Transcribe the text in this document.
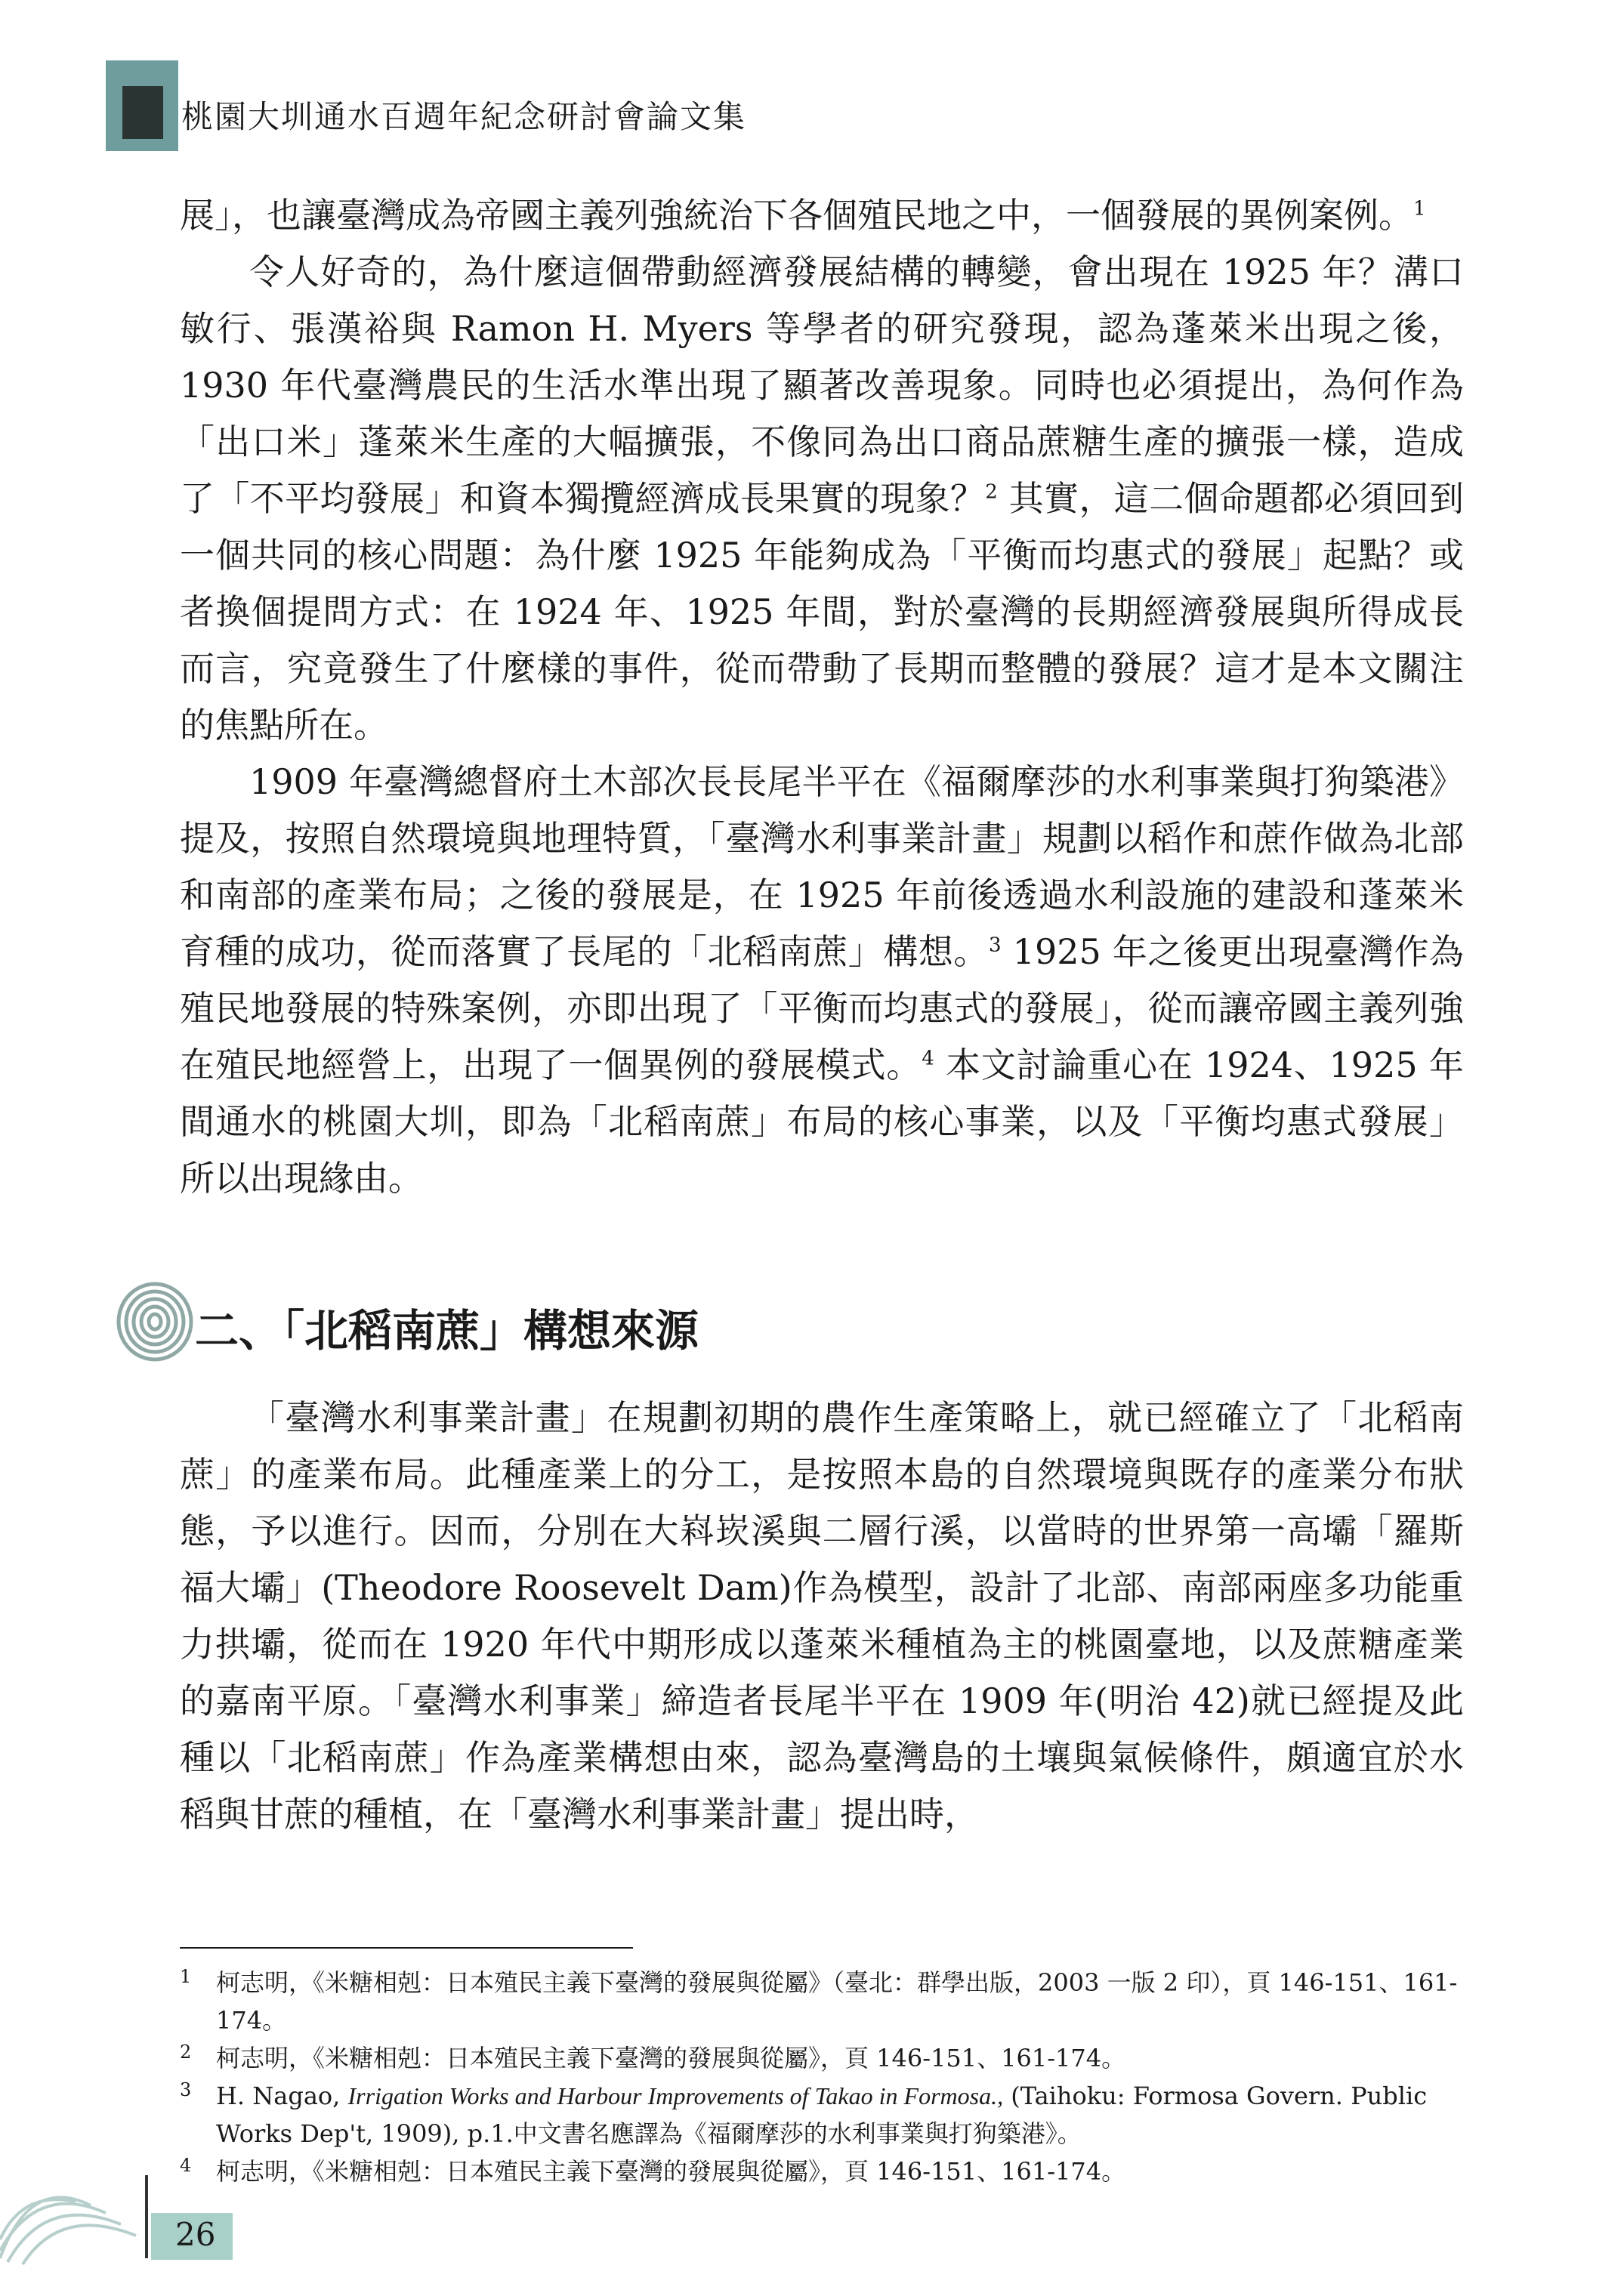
桃園大圳通水百週年紀念研討會論文集

展」，也讓臺灣成為帝國主義列強統治下各個殖民地之中，一個發展的異例案例。$^1$

令人好奇的，為什麼這個帶動經濟發展結構的轉變，會出現在 1925 年？溝口敏行、張漢裕與 Ramon H. Myers 等學者的研究發現，認為蓬萊米出現之後，1930 年代臺灣農民的生活水準出現了顯著改善現象。同時也必須提出，為何作為「出口米」蓬萊米生產的大幅擴張，不像同為出口商品蔗糖生產的擴張一樣，造成了「不平均發展」和資本獨攬經濟成長果實的現象？$^2$ 其實，這二個命題都必須回到一個共同的核心問題：為什麼 1925 年能夠成為「平衡而均惠式的發展」起點？或者換個提問方式：在 1924 年、1925 年間，對於臺灣的長期經濟發展與所得成長而言，究竟發生了什麼樣的事件，從而帶動了長期而整體的發展？這才是本文關注的焦點所在。

1909 年臺灣總督府土木部次長長尾半平在《福爾摩莎的水利事業與打狗築港》提及，按照自然環境與地理特質，「臺灣水利事業計畫」規劃以稻作和蔗作做為北部和南部的產業布局；之後的發展是，在 1925 年前後透過水利設施的建設和蓬萊米育種的成功，從而落實了長尾的「北稻南蔗」構想。$^3$ 1925 年之後更出現臺灣作為殖民地發展的特殊案例，亦即出現了「平衡而均惠式的發展」，從而讓帝國主義列強在殖民地經營上，出現了一個異例的發展模式。$^4$ 本文討論重心在 1924、1925 年間通水的桃園大圳，即為「北稻南蔗」布局的核心事業，以及「平衡均惠式發展」所以出現緣由。

二、「北稻南蔗」構想來源

「臺灣水利事業計畫」在規劃初期的農作生產策略上，就已經確立了「北稻南蔗」的產業布局。此種產業上的分工，是按照本島的自然環境與既存的產業分布狀態，予以進行。因而，分別在大嵙崁溪與二層行溪，以當時的世界第一高壩「羅斯福大壩」(Theodore Roosevelt Dam)作為模型，設計了北部、南部兩座多功能重力拱壩，從而在 1920 年代中期形成以蓬萊米種植為主的桃園臺地，以及蔗糖產業的嘉南平原。「臺灣水利事業」締造者長尾半平在 1909 年(明治 42)就已經提及此種以「北稻南蔗」作為產業構想由來，認為臺灣島的土壤與氣候條件，頗適宜於水稻與甘蔗的種植，在「臺灣水利事業計畫」提出時，

1 柯志明，《米糖相剋：日本殖民主義下臺灣的發展與從屬》（臺北：群學出版，2003 一版 2 印），頁 146-151、161-174。
2 柯志明，《米糖相剋：日本殖民主義下臺灣的發展與從屬》，頁 146-151、161-174。
3 H. Nagao, Irrigation Works and Harbour Improvements of Takao in Formosa., (Taihoku: Formosa Govern. Public Works Dep't, 1909), p.1.中文書名應譯為《福爾摩莎的水利事業與打狗築港》。
4 柯志明，《米糖相剋：日本殖民主義下臺灣的發展與從屬》，頁 146-151、161-174。
26
